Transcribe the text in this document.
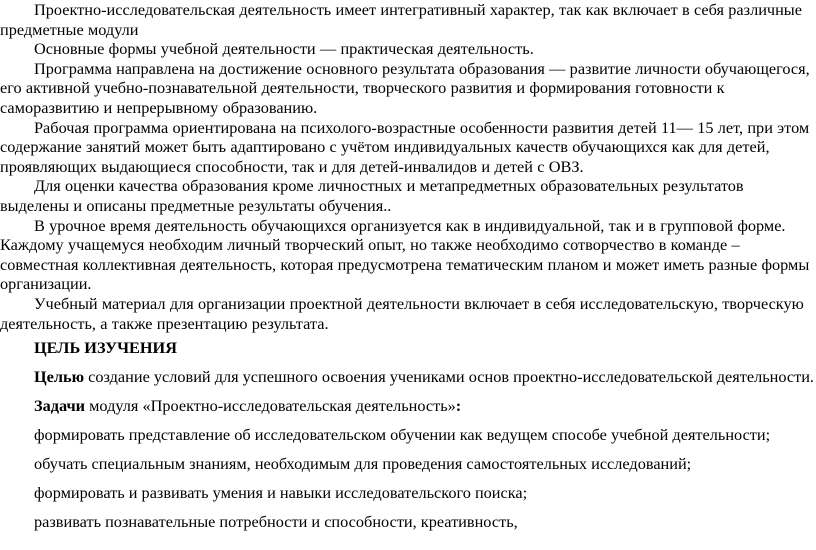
Проектно-исследовательская деятельность имеет интегративный характер, так как включает в себя различные предметные модули

Основные формы учебной деятельности — практическая деятельность.

Программа направлена на достижение основного результата образования — развитие личности обучающегося, его активной учебно-познавательной деятельности, творческого развития и формирования готовности к саморазвитию и непрерывному образованию.

Рабочая программа ориентирована на психолого-возрастные особенности развития детей 11— 15 лет, при этом содержание занятий может быть адаптировано с учётом индивидуальных качеств обучающихся как для детей, проявляющих выдающиеся способности, так и для детей-инвалидов и детей с ОВЗ.

Для оценки качества образования кроме личностных и метапредметных образовательных результатов выделены и описаны предметные результаты обучения..

В урочное время деятельность обучающихся организуется как в индивидуальной, так и в групповой форме. Каждому учащемуся необходим личный творческий опыт, но также необходимо сотворчество в команде – совместная коллективная деятельность, которая предусмотрена тематическим планом и может иметь разные формы организации.

Учебный материал для организации проектной деятельности включает в себя исследовательскую, творческую деятельность, а также презентацию результата.

ЦЕЛЬ ИЗУЧЕНИЯ

Целью создание условий для успешного освоения учениками основ проектно-исследовательской деятельности.

Задачи модуля «Проектно-исследовательская деятельность»:

формировать представление об исследовательском обучении как ведущем способе учебной деятельности;

обучать специальным знаниям, необходимым для проведения самостоятельных исследований;

формировать и развивать умения и навыки исследовательского поиска;

развивать познавательные потребности и способности, креативность,
